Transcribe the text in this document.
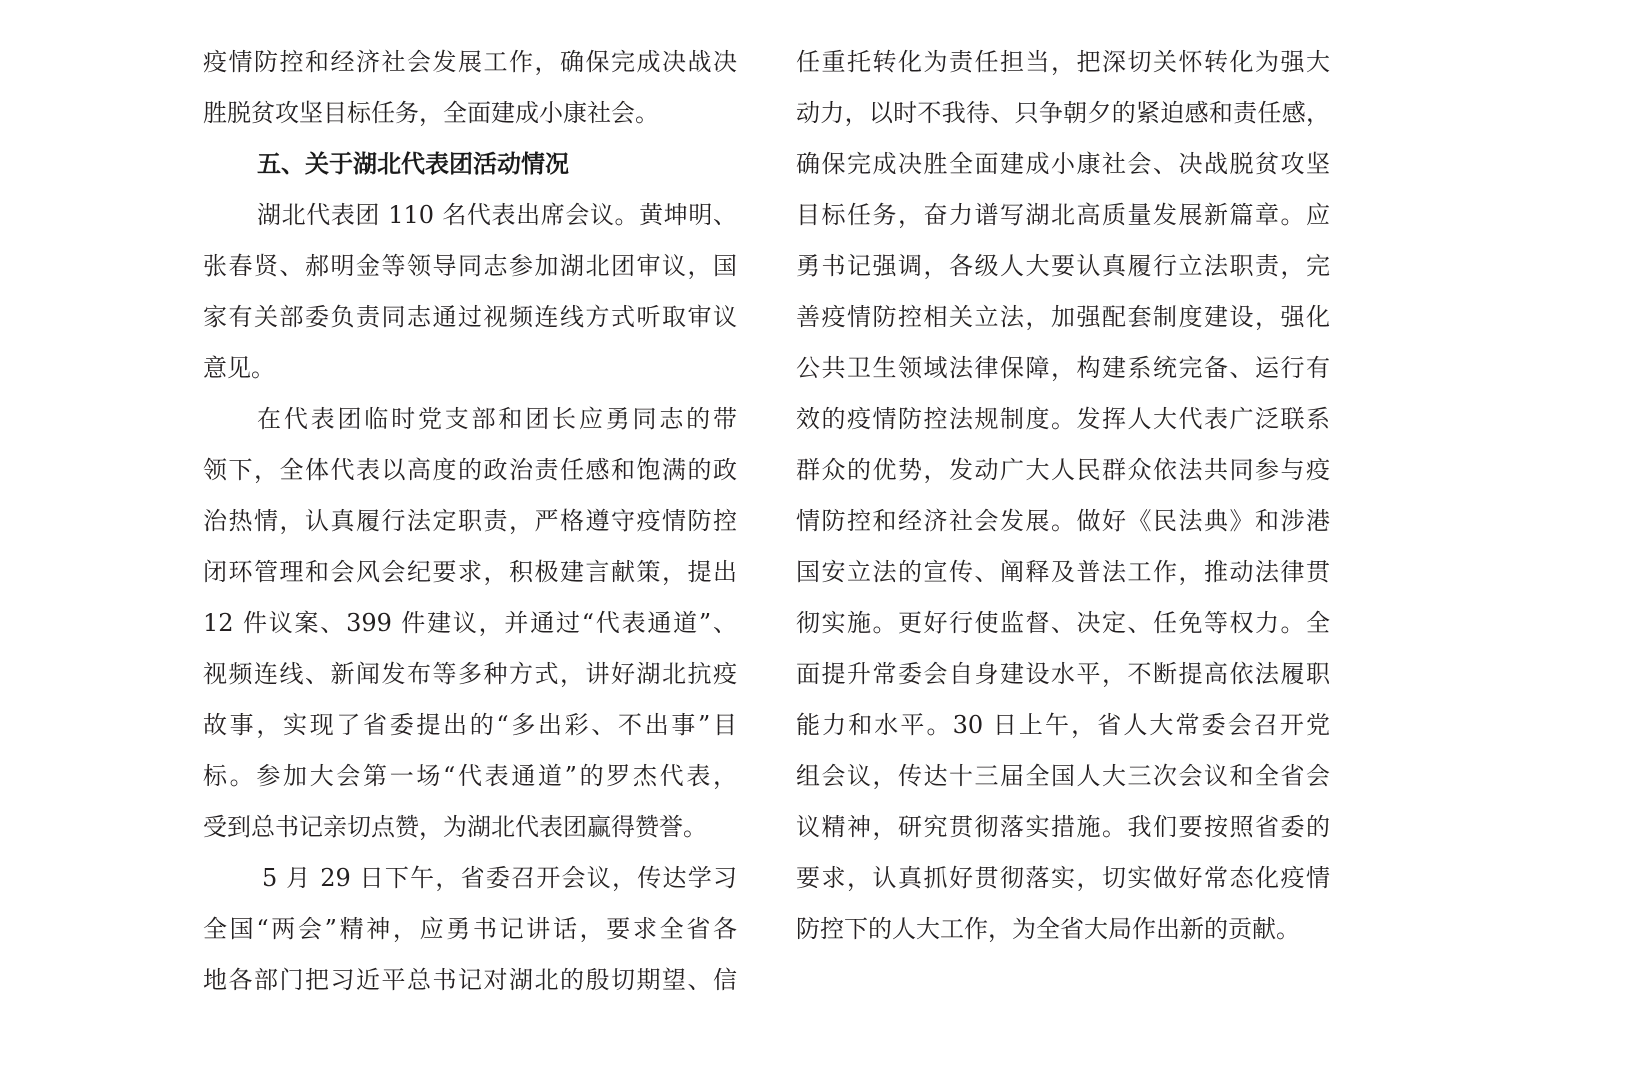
疫情防控和经济社会发展工作，确保完成决战决
胜脱贫攻坚目标任务，全面建成小康社会。
五、关于湖北代表团活动情况
湖北代表团 110 名代表出席会议。黄坤明、
张春贤、郝明金等领导同志参加湖北团审议，国
家有关部委负责同志通过视频连线方式听取审议
意见。
在代表团临时党支部和团长应勇同志的带
领下，全体代表以高度的政治责任感和饱满的政
治热情，认真履行法定职责，严格遵守疫情防控
闭环管理和会风会纪要求，积极建言献策，提出
12 件议案、399 件建议，并通过“代表通道”、
视频连线、新闻发布等多种方式，讲好湖北抗疫
故事，实现了省委提出的“多出彩、不出事”目
标。参加大会第一场“代表通道”的罗杰代表，
受到总书记亲切点赞，为湖北代表团赢得赞誉。
5 月 29 日下午，省委召开会议，传达学习
全国“两会”精神，应勇书记讲话，要求全省各
地各部门把习近平总书记对湖北的殷切期望、信
任重托转化为责任担当，把深切关怀转化为强大
动力，以时不我待、只争朝夕的紧迫感和责任感，
确保完成决胜全面建成小康社会、决战脱贫攻坚
目标任务，奋力谱写湖北高质量发展新篇章。应
勇书记强调，各级人大要认真履行立法职责，完
善疫情防控相关立法，加强配套制度建设，强化
公共卫生领域法律保障，构建系统完备、运行有
效的疫情防控法规制度。发挥人大代表广泛联系
群众的优势，发动广大人民群众依法共同参与疫
情防控和经济社会发展。做好《民法典》和涉港
国安立法的宣传、阐释及普法工作，推动法律贯
彻实施。更好行使监督、决定、任免等权力。全
面提升常委会自身建设水平，不断提高依法履职
能力和水平。30 日上午，省人大常委会召开党
组会议，传达十三届全国人大三次会议和全省会
议精神，研究贯彻落实措施。我们要按照省委的
要求，认真抓好贯彻落实，切实做好常态化疫情
防控下的人大工作，为全省大局作出新的贡献。
